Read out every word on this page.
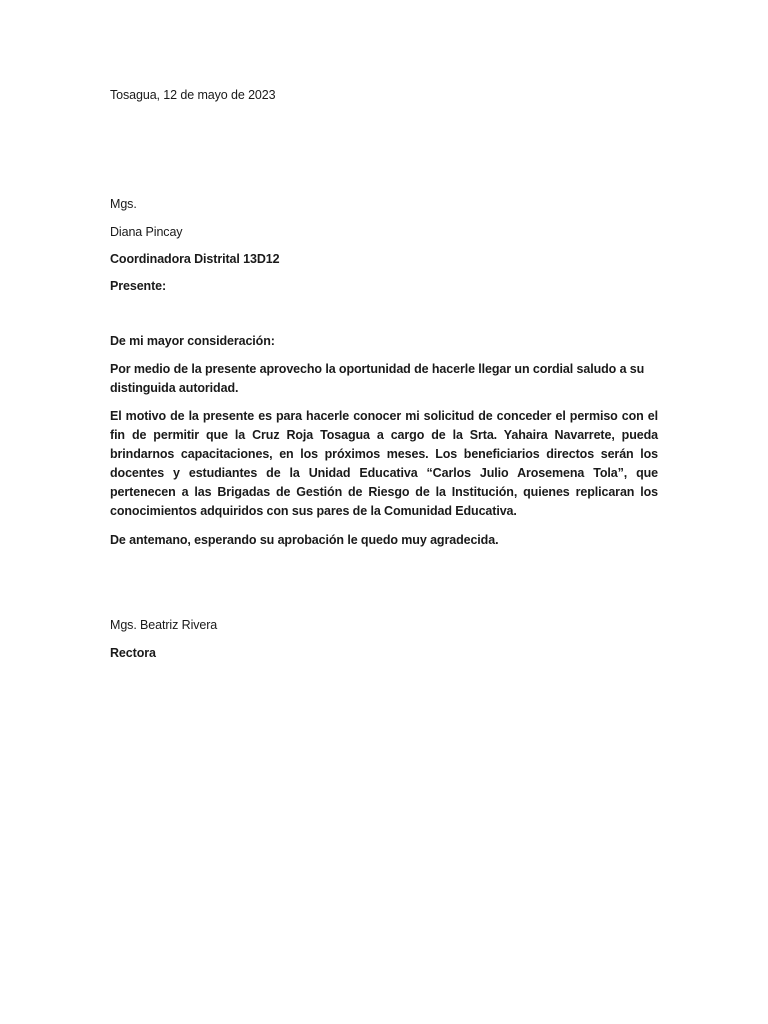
Tosagua, 12 de mayo de 2023
Mgs.
Diana Pincay
Coordinadora Distrital 13D12
Presente:
De mi mayor consideración:
Por medio de la presente aprovecho la oportunidad de hacerle llegar un cordial saludo a su distinguida autoridad.
El motivo de la presente es para hacerle conocer mi solicitud de conceder el permiso con el fin de permitir que la Cruz Roja Tosagua a cargo de la Srta. Yahaira Navarrete, pueda brindarnos capacitaciones, en los próximos meses. Los beneficiarios directos serán los docentes y estudiantes de la Unidad Educativa “Carlos Julio Arosemena Tola”, que pertenecen a las Brigadas de Gestión de Riesgo de la Institución, quienes replicaran los conocimientos adquiridos con sus pares de la Comunidad Educativa.
De antemano, esperando su aprobación le quedo muy agradecida.
Mgs. Beatriz Rivera
Rectora
